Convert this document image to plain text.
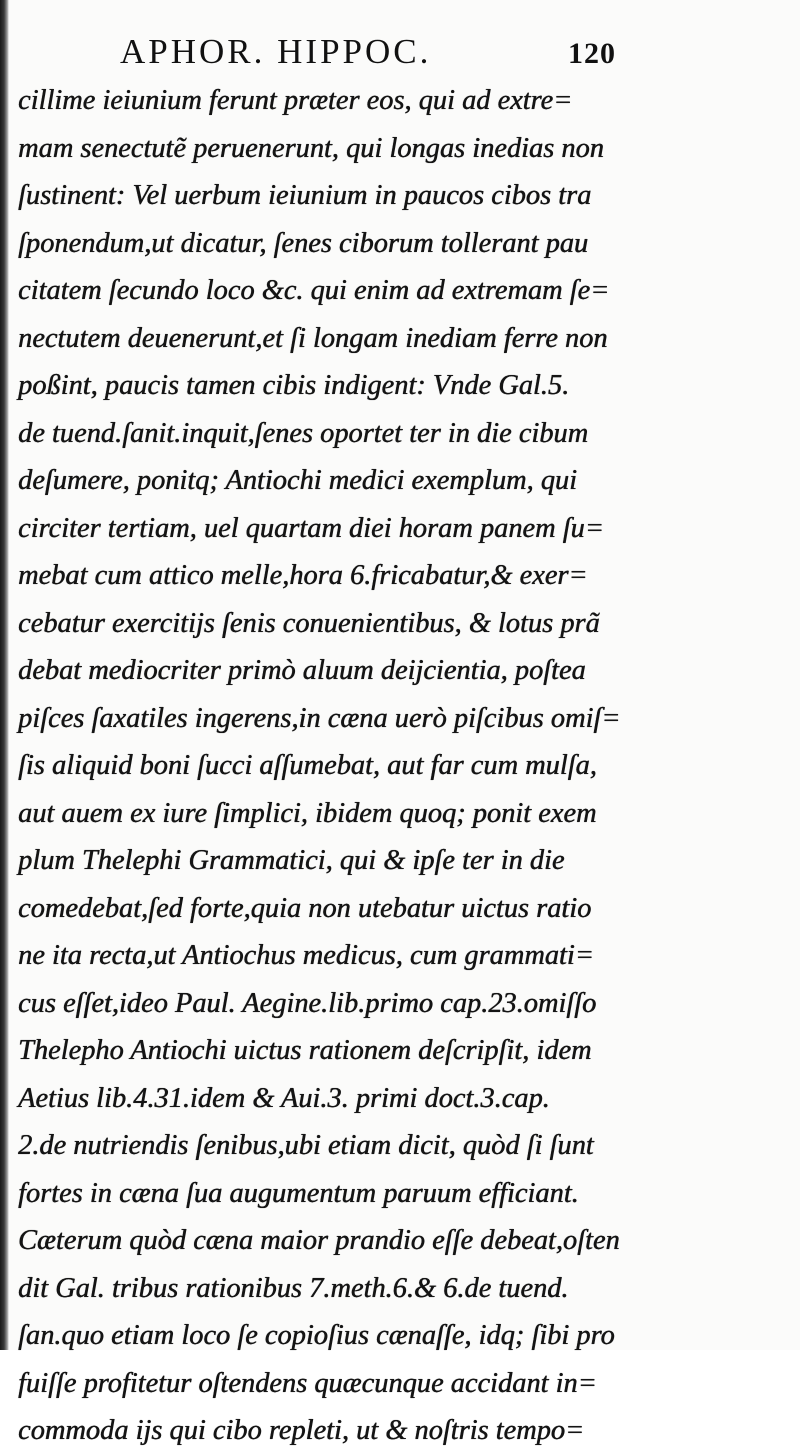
APHOR. HIPPOC.	120
cillime ieiunium ferunt præter eos, qui ad extre=
mam senectutẽ peruenerunt, qui longas inedias non
ſustinent: Vel uerbum ieiunium in paucos cibos tra
ſponendum,ut dicatur, ſenes ciborum tollerant pau
citatem ſecundo loco &c. qui enim ad extremam ſe=
nectutem deuenerunt,et ſi longam inediam ferre non
poßint, paucis tamen cibis indigent: Vnde Gal.5.
de tuend.ſanit.inquit,ſenes oportet ter in die cibum
deſumere, ponitq; Antiochi medici exemplum, qui
circiter tertiam, uel quartam diei horam panem ſu=
mebat cum attico melle,hora 6.fricabatur,& exer=
cebatur exercitijs ſenis conuenientibus, & lotus prã
debat mediocriter primò aluum deijcientia, poſtea
piſces ſaxatiles ingerens,in cæna uerò piſcibus omiſ=
ſis aliquid boni ſucci aſſumebat, aut far cum mulſa,
aut auem ex iure ſimplici, ibidem quoq; ponit exem
plum Thelephi Grammatici, qui & ipſe ter in die
comedebat,ſed forte,quia non utebatur uictus ratio
ne ita recta,ut Antiochus medicus, cum grammati=
cus eſſet,ideo Paul. Aegine.lib.primo cap.23.omiſſo
Thelepho Antiochi uictus rationem deſcripſit, idem
Aetius lib.4.31.idem & Aui.3. primi doct.3.cap.
2.de nutriendis ſenibus,ubi etiam dicit, quòd ſi ſunt
fortes in cæna ſua augumentum paruum efficiant.
Cæterum quòd cæna maior prandio eſſe debeat,oſten
dit Gal. tribus rationibus 7.meth.6.& 6.de tuend.
ſan.quo etiam loco ſe copioſius cænaſſe, idq; ſibi pro
fuiſſe profitetur oſtendens quæcunque accidant in=
commoda ijs qui cibo repleti, ut & noſtris tempo=
